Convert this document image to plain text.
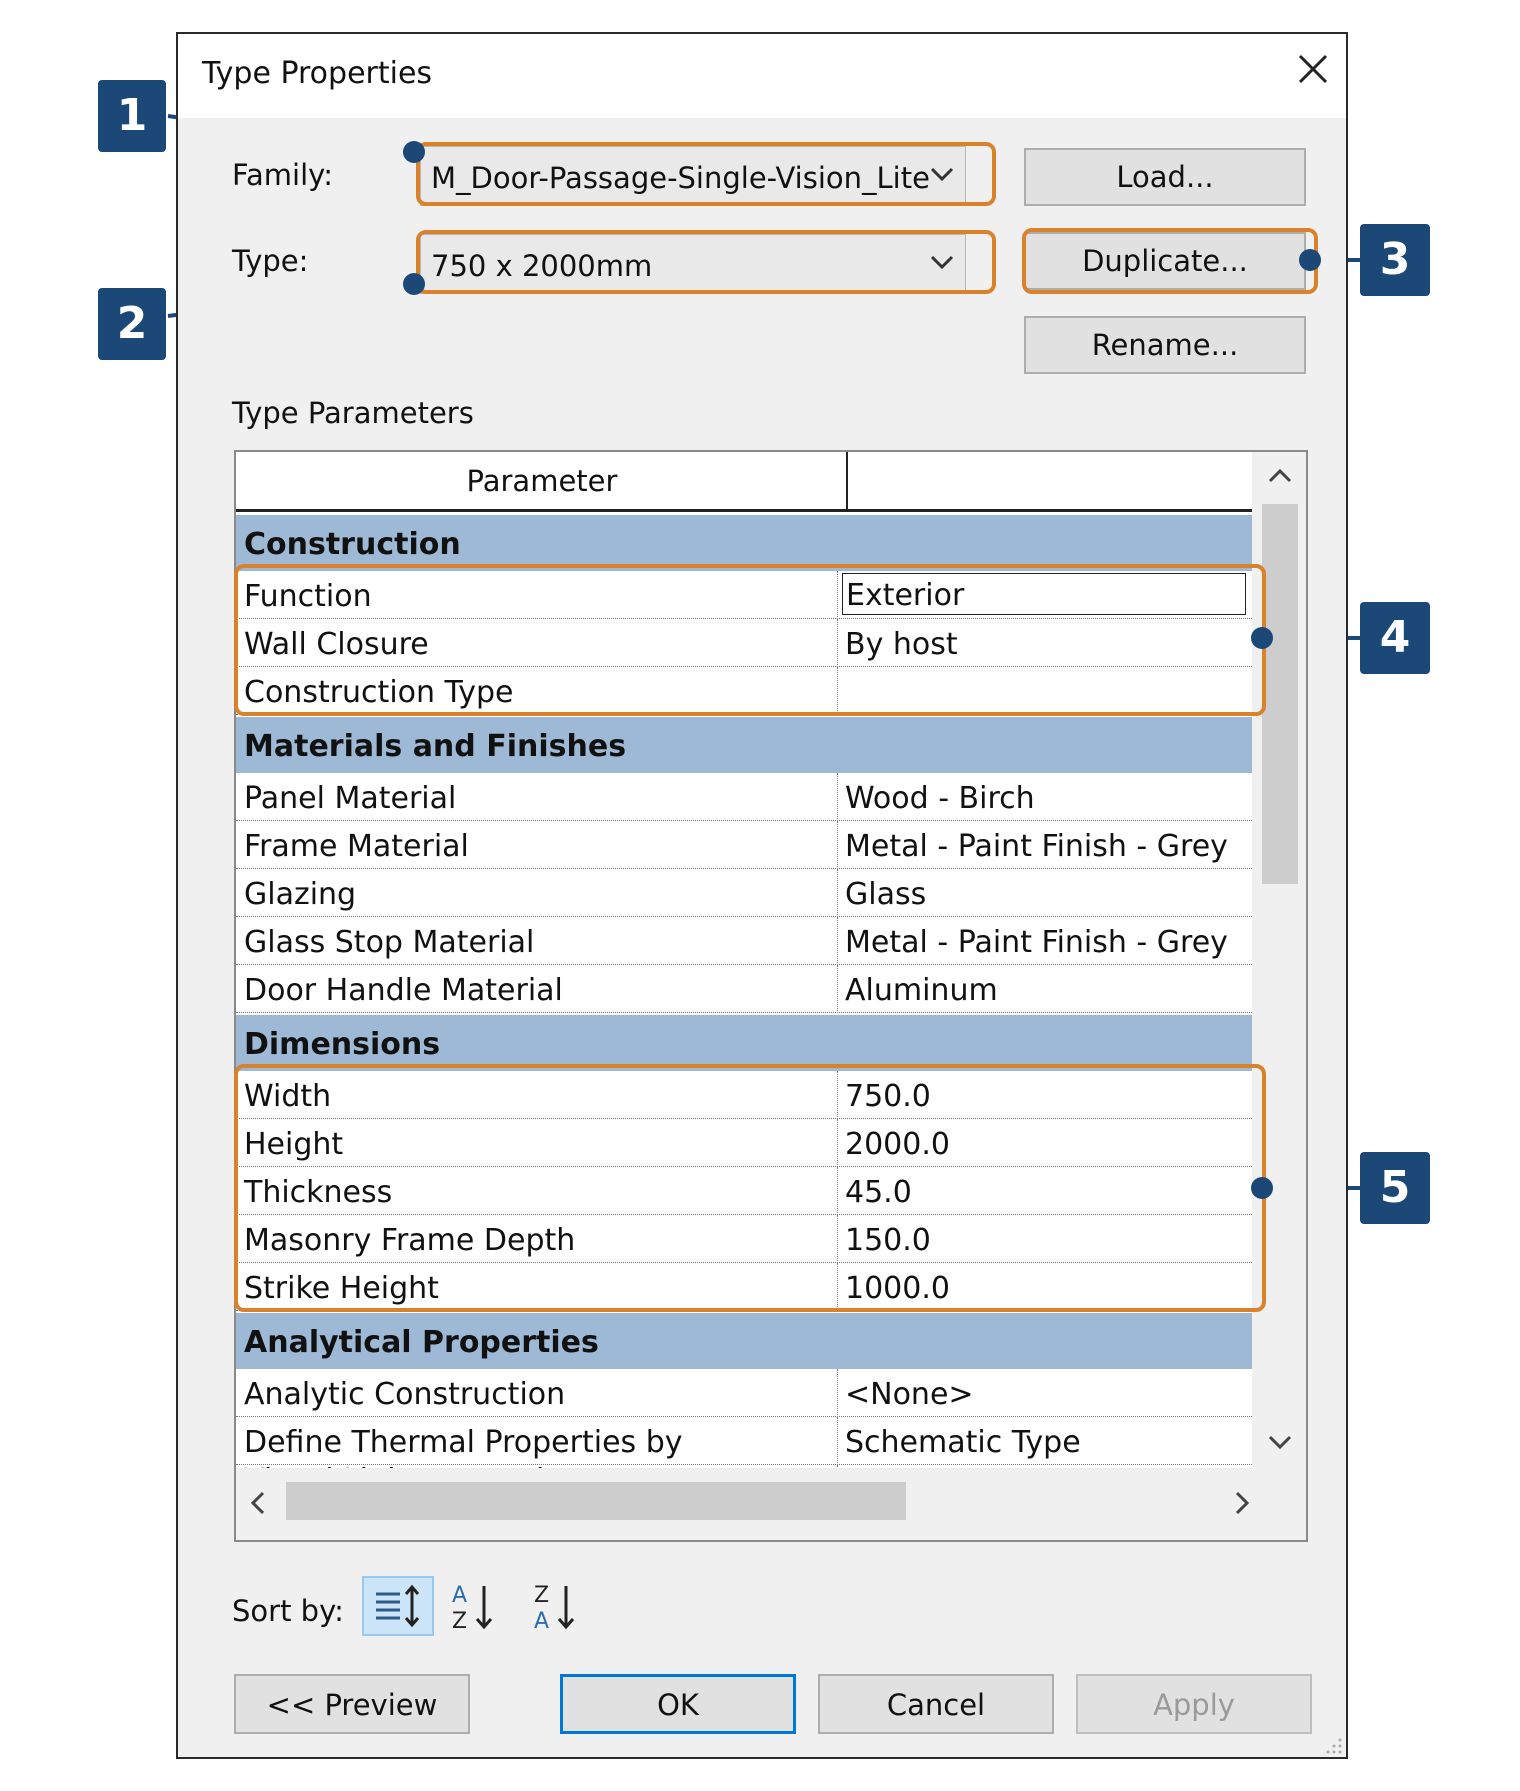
Type Properties
Family:	M_Door-Passage-Single-Vision_Lite
Type:	750 x 2000mm
Load...
Duplicate...
Rename...
Type Parameters
Parameter
Construction
Function	Exterior
Wall Closure	By host
Construction Type
Materials and Finishes
Panel Material	Wood - Birch
Frame Material	Metal - Paint Finish - Grey
Glazing	Glass
Glass Stop Material	Metal - Paint Finish - Grey
Door Handle Material	Aluminum
Dimensions
Width	750.0
Height	2000.0
Thickness	45.0
Masonry Frame Depth	150.0
Strike Height	1000.0
Analytical Properties
Analytic Construction	<None>
Define Thermal Properties by	Schematic Type
Sort by:	A
Z
Z
A
<< Preview	OK	Cancel	Apply
1
2
3
4
5
